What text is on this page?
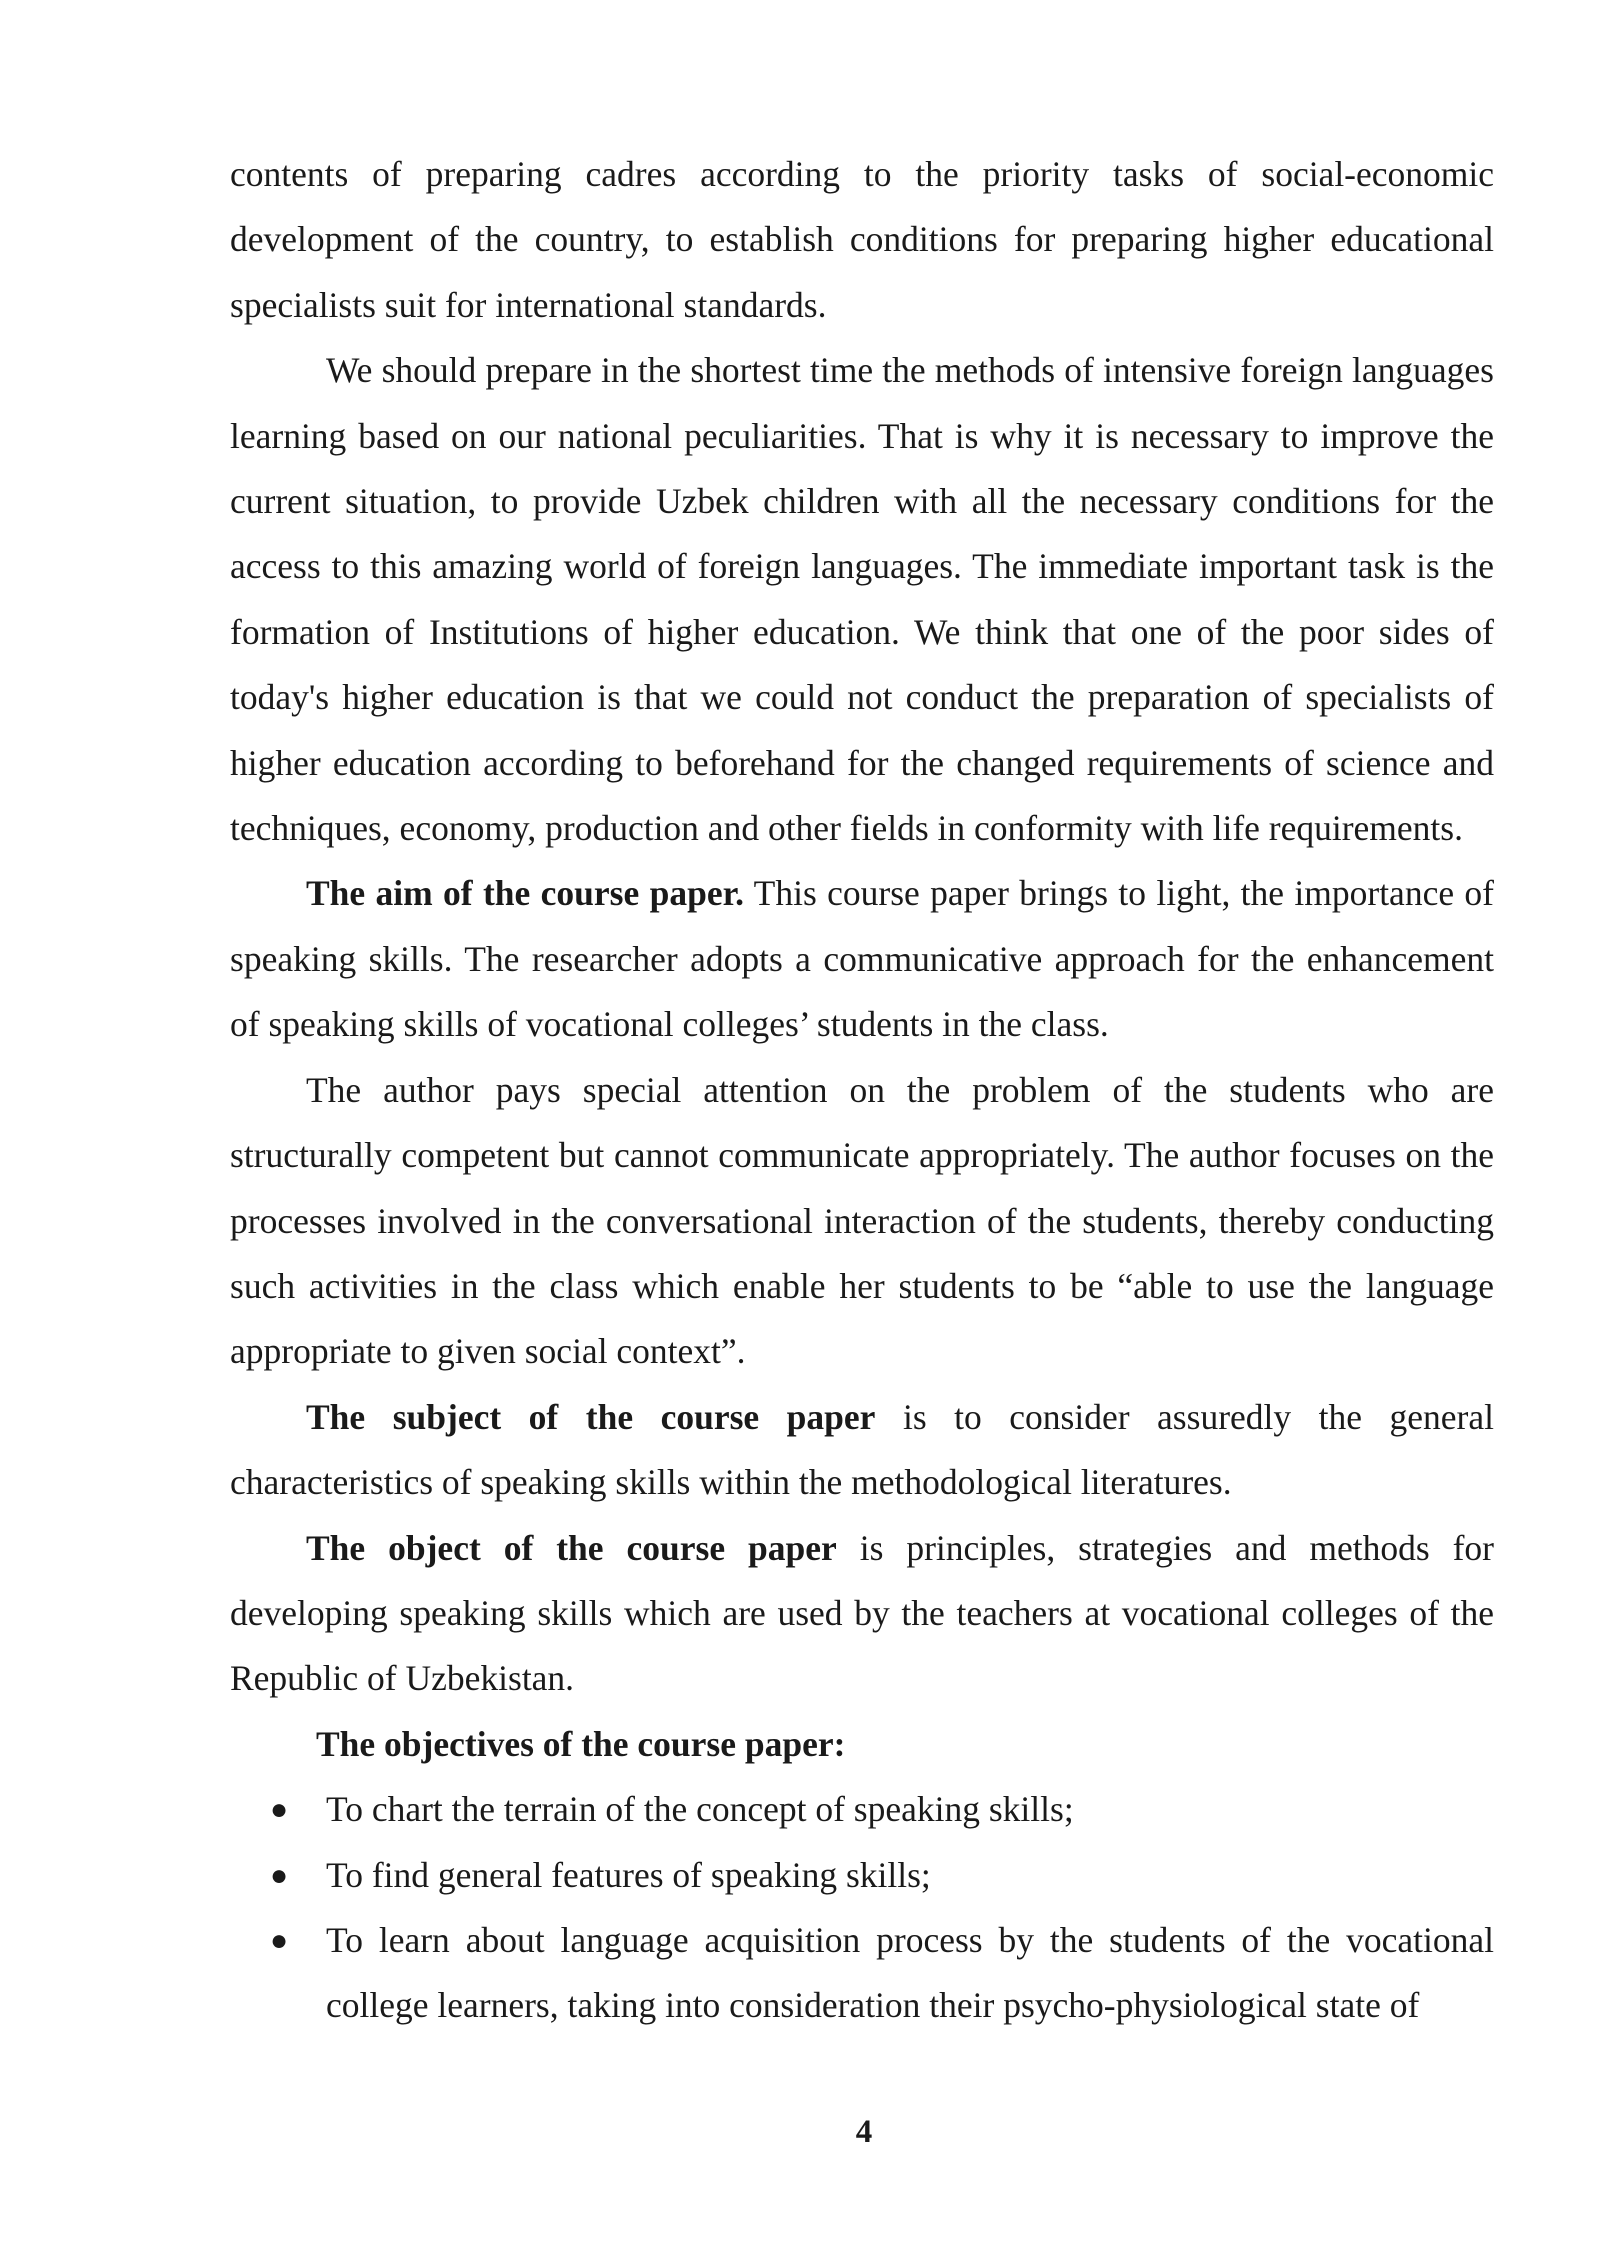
contents of preparing cadres according to the priority tasks of social-economic development of the country, to establish conditions for preparing higher educational specialists suit for international standards.

We should prepare in the shortest time the methods of intensive foreign languages learning based on our national peculiarities. That is why it is necessary to improve the current situation, to provide Uzbek children with all the necessary conditions for the access to this amazing world of foreign languages. The immediate important task is the formation of Institutions of higher education. We think that one of the poor sides of today's higher education is that we could not conduct the preparation of specialists of higher education according to beforehand for the changed requirements of science and techniques, economy, production and other fields in conformity with life requirements.

The aim of the course paper. This course paper brings to light, the importance of speaking skills. The researcher adopts a communicative approach for the enhancement of speaking skills of vocational colleges’ students in the class.

The author pays special attention on the problem of the students who are structurally competent but cannot communicate appropriately. The author focuses on the processes involved in the conversational interaction of the students, thereby conducting such activities in the class which enable her students to be “able to use the language appropriate to given social context”.

The subject of the course paper is to consider assuredly the general characteristics of speaking skills within the methodological literatures.

The object of the course paper is principles, strategies and methods for developing speaking skills which are used by the teachers at vocational colleges of the Republic of Uzbekistan.

The objectives of the course paper:

● To chart the terrain of the concept of speaking skills;
● To find general features of speaking skills;
● To learn about language acquisition process by the students of the vocational college learners, taking into consideration their psycho-physiological state of
4
